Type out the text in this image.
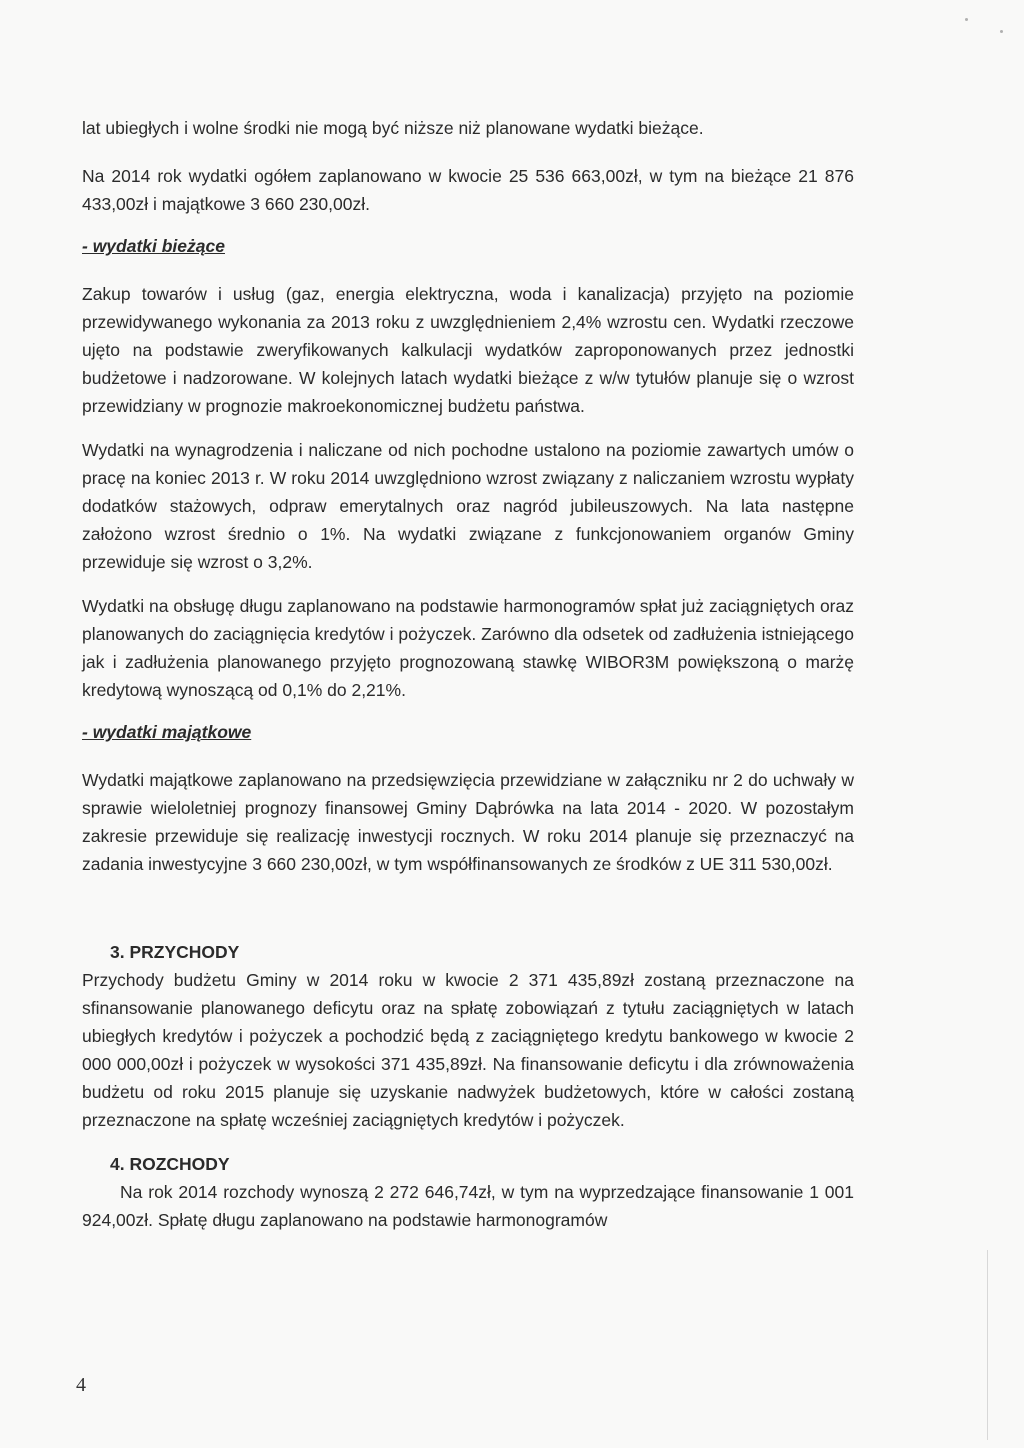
lat ubiegłych i wolne środki nie mogą być niższe niż planowane wydatki bieżące.

Na 2014 rok wydatki ogółem zaplanowano w kwocie 25 536 663,00zł, w tym na bieżące 21 876 433,00zł i majątkowe 3 660 230,00zł.

- wydatki bieżące

Zakup towarów i usług (gaz, energia elektryczna, woda i kanalizacja) przyjęto na poziomie przewidywanego wykonania za 2013 roku z uwzględnieniem 2,4% wzrostu cen. Wydatki rzeczowe ujęto na podstawie zweryfikowanych kalkulacji wydatków zaproponowanych przez jednostki budżetowe i nadzorowane. W kolejnych latach wydatki bieżące z w/w tytułów planuje się o wzrost przewidziany w prognozie makroekonomicznej budżetu państwa.

Wydatki na wynagrodzenia i naliczane od nich pochodne ustalono na poziomie zawartych umów o pracę na koniec 2013 r. W roku 2014 uwzględniono wzrost związany z naliczaniem wzrostu wypłaty dodatków stażowych, odpraw emerytalnych oraz nagród jubileuszowych. Na lata następne założono wzrost średnio o 1%. Na wydatki związane z funkcjonowaniem organów Gminy przewiduje się wzrost o 3,2%.

Wydatki na obsługę długu zaplanowano na podstawie harmonogramów spłat już zaciągniętych oraz planowanych do zaciągnięcia kredytów i pożyczek. Zarówno dla odsetek od zadłużenia istniejącego jak i zadłużenia planowanego przyjęto prognozowaną stawkę WIBOR3M powiększoną o marżę kredytową wynoszącą od 0,1% do 2,21%.

- wydatki majątkowe

Wydatki majątkowe zaplanowano na przedsięwzięcia przewidziane w załączniku nr 2 do uchwały w sprawie wieloletniej prognozy finansowej Gminy Dąbrówka na lata 2014 - 2020. W pozostałym zakresie przewiduje się realizację inwestycji rocznych. W roku 2014 planuje się przeznaczyć na zadania inwestycyjne 3 660 230,00zł, w tym współfinansowanych ze środków z UE 311 530,00zł.

3. PRZYCHODY

Przychody budżetu Gminy w 2014 roku w kwocie 2 371 435,89zł zostaną przeznaczone na sfinansowanie planowanego deficytu oraz na spłatę zobowiązań z tytułu zaciągniętych w latach ubiegłych kredytów i pożyczek a pochodzić będą z zaciągniętego kredytu bankowego w kwocie 2 000 000,00zł i pożyczek w wysokości 371 435,89zł. Na finansowanie deficytu i dla zrównoważenia budżetu od roku 2015 planuje się uzyskanie nadwyżek budżetowych, które w całości zostaną przeznaczone na spłatę wcześniej zaciągniętych kredytów i pożyczek.

4. ROZCHODY

Na rok 2014 rozchody wynoszą 2 272 646,74zł, w tym na wyprzedzające finansowanie 1 001 924,00zł. Spłatę długu zaplanowano na podstawie harmonogramów

4
